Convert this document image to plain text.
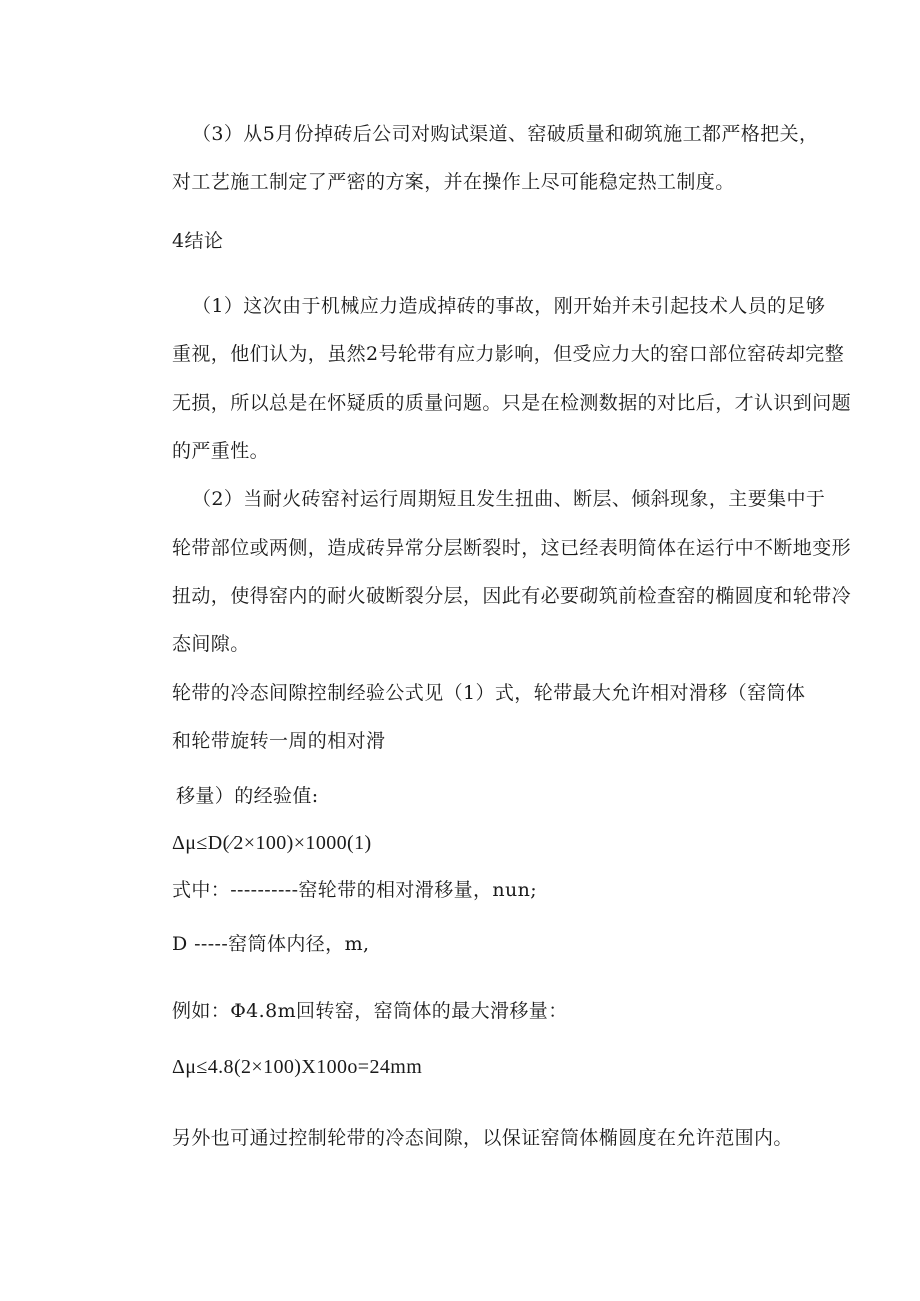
（3）从5月份掉砖后公司对购试渠道、窑破质量和砌筑施工都严格把关，
对工艺施工制定了严密的方案，并在操作上尽可能稳定热工制度。
4结论
（1）这次由于机械应力造成掉砖的事故，刚开始并未引起技术人员的足够
重视，他们认为，虽然2号轮带有应力影响，但受应力大的窑口部位窑砖却完整
无损，所以总是在怀疑质的质量问题。只是在检测数据的对比后，才认识到问题
的严重性。
（2）当耐火砖窑衬运行周期短且发生扭曲、断层、倾斜现象，主要集中于
轮带部位或两侧，造成砖异常分层断裂时，这已经表明简体在运行中不断地变形
扭动，使得窑内的耐火破断裂分层，因此有必要砌筑前检查窑的椭圆度和轮带冷
态间隙。
轮带的冷态间隙控制经验公式见（1）式，轮带最大允许相对滑移（窑筒体
和轮带旋转一周的相对滑
移量）的经验值:
Δμ≤D(⁄2×100)×1000(1)
式中：----------窑轮带的相对滑移量，nun;
D -----窑筒体内径，m,
例如：Φ4.8m回转窑，窑筒体的最大滑移量：
Δμ≤4.8(2×100)X100o=24mm
另外也可通过控制轮带的冷态间隙，以保证窑筒体椭圆度在允许范围内。
